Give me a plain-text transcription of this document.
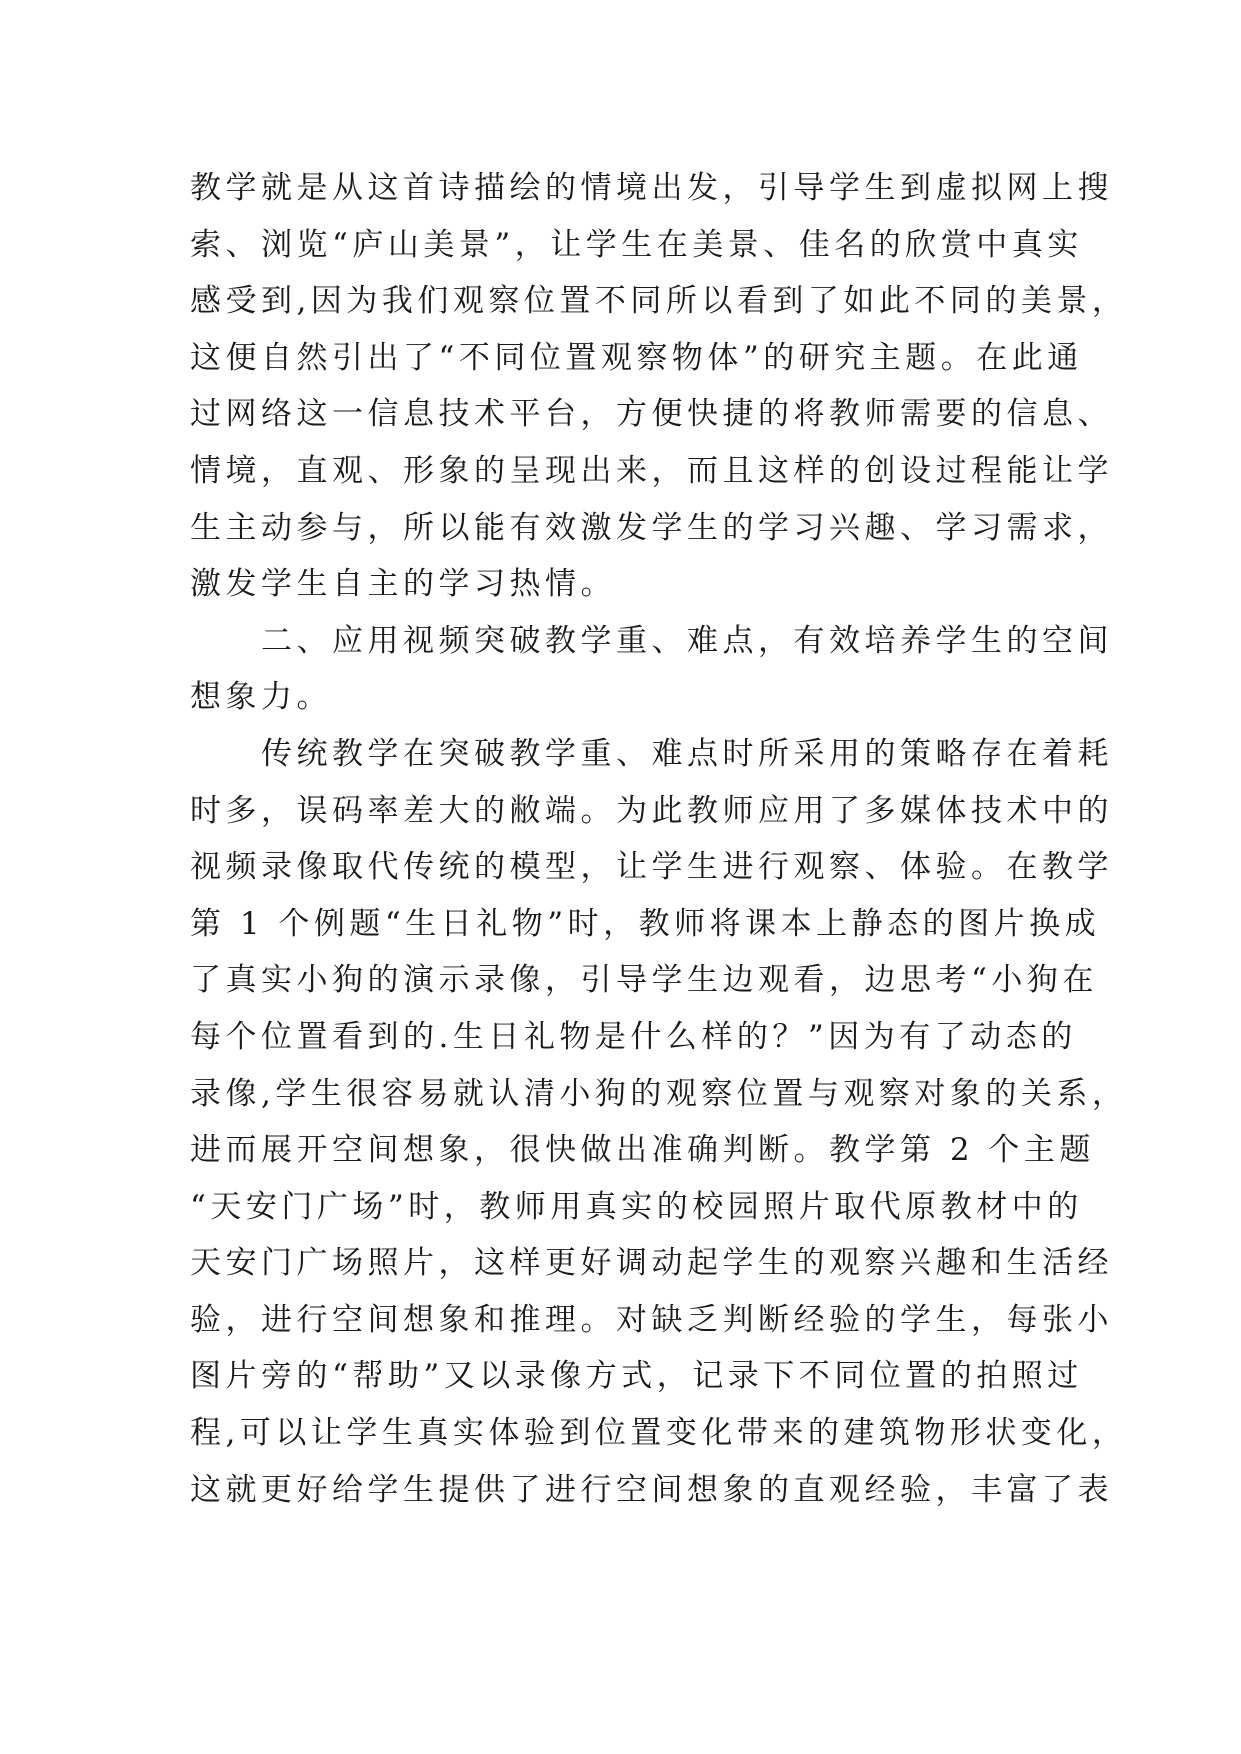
教学就是从这首诗描绘的情境出发，引导学生到虚拟网上搜
索、浏览“庐山美景”，让学生在美景、佳名的欣赏中真实
感受到,因为我们观察位置不同所以看到了如此不同的美景，
这便自然引出了“不同位置观察物体”的研究主题。在此通
过网络这一信息技术平台，方便快捷的将教师需要的信息、
情境，直观、形象的呈现出来，而且这样的创设过程能让学
生主动参与，所以能有效激发学生的学习兴趣、学习需求，
激发学生自主的学习热情。
　　二、应用视频突破教学重、难点，有效培养学生的空间
想象力。
　　传统教学在突破教学重、难点时所采用的策略存在着耗
时多，误码率差大的敝端。为此教师应用了多媒体技术中的
视频录像取代传统的模型，让学生进行观察、体验。在教学
第 1 个例题“生日礼物”时，教师将课本上静态的图片换成
了真实小狗的演示录像，引导学生边观看，边思考“小狗在
每个位置看到的.生日礼物是什么样的？”因为有了动态的
录像,学生很容易就认清小狗的观察位置与观察对象的关系，
进而展开空间想象，很快做出准确判断。教学第 2 个主题
“天安门广场”时，教师用真实的校园照片取代原教材中的
天安门广场照片，这样更好调动起学生的观察兴趣和生活经
验，进行空间想象和推理。对缺乏判断经验的学生，每张小
图片旁的“帮助”又以录像方式，记录下不同位置的拍照过
程,可以让学生真实体验到位置变化带来的建筑物形状变化，
这就更好给学生提供了进行空间想象的直观经验，丰富了表
